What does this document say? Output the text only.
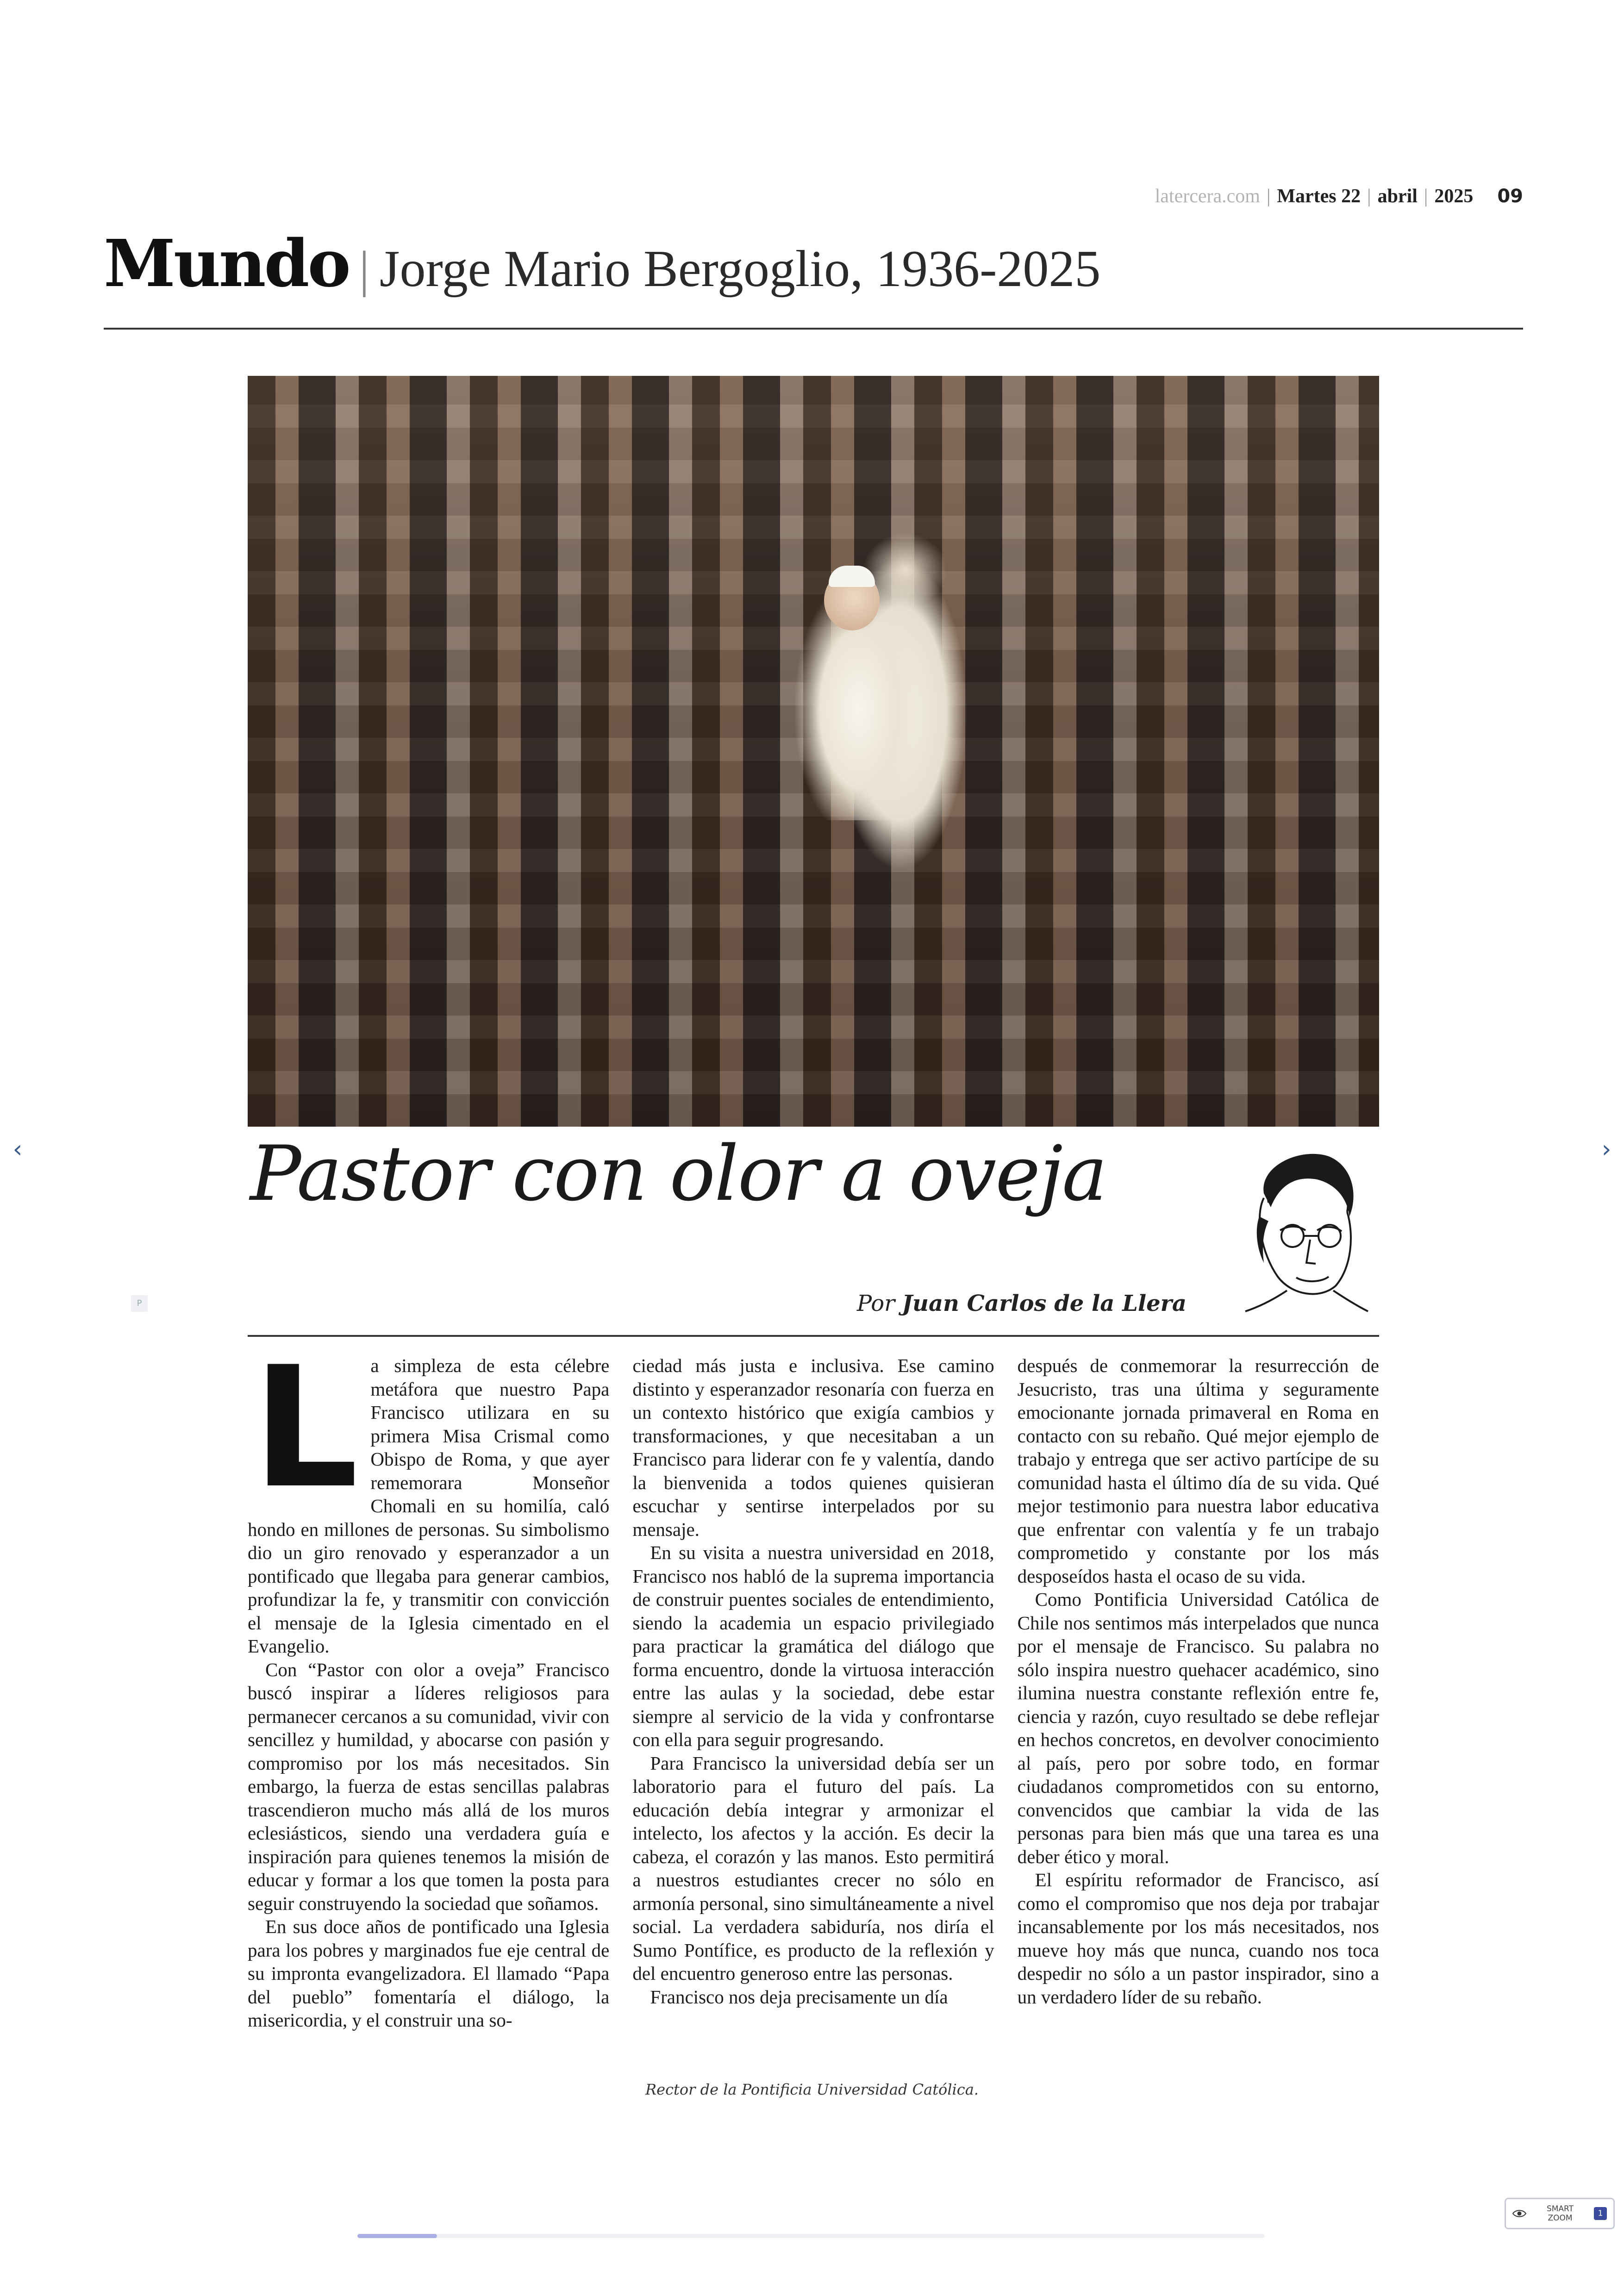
latercera.com | Martes 22 | abril | 2025 09
Mundo | Jorge Mario Bergoglio, 1936-2025
Pastor con olor a oveja
P	Por Juan Carlos de la Llera

La simpleza de esta célebre metáfora que nuestro Papa Francisco utilizara en su primera Misa Crismal como Obispo de Roma, y que ayer rememorara Monseñor Chomali en su homilía, caló hondo en millones de personas. Su simbolismo dio un giro renovado y esperanzador a un pontificado que llegaba para generar cambios, profundizar la fe, y transmitir con convicción el mensaje de la Iglesia cimentado en el Evangelio.

Con “Pastor con olor a oveja” Francisco buscó inspirar a líderes religiosos para permanecer cercanos a su comunidad, vivir con sencillez y humildad, y abocarse con pasión y compromiso por los más necesitados. Sin embargo, la fuerza de estas sencillas palabras trascendieron mucho más allá de los muros eclesiásticos, siendo una verdadera guía e inspiración para quienes tenemos la misión de educar y formar a los que tomen la posta para seguir construyendo la sociedad que soñamos.

En sus doce años de pontificado una Iglesia para los pobres y marginados fue eje central de su impronta evangelizadora. El llamado “Papa del pueblo” fomentaría el diálogo, la misericordia, y el construir una so-

ciedad más justa e inclusiva. Ese camino distinto y esperanzador resonaría con fuerza en un contexto histórico que exigía cambios y transformaciones, y que necesitaban a un Francisco para liderar con fe y valentía, dando la bienvenida a todos quienes quisieran escuchar y sentirse interpelados por su mensaje.

En su visita a nuestra universidad en 2018, Francisco nos habló de la suprema importancia de construir puentes sociales de entendimiento, siendo la academia un espacio privilegiado para practicar la gramática del diálogo que forma encuentro, donde la virtuosa interacción entre las aulas y la sociedad, debe estar siempre al servicio de la vida y confrontarse con ella para seguir progresando.

Para Francisco la universidad debía ser un laboratorio para el futuro del país. La educación debía integrar y armonizar el intelecto, los afectos y la acción. Es decir la cabeza, el corazón y las manos. Esto permitirá a nuestros estudiantes crecer no sólo en armonía personal, sino simultáneamente a nivel social. La verdadera sabiduría, nos diría el Sumo Pontífice, es producto de la reflexión y del encuentro generoso entre las personas.

Francisco nos deja precisamente un día

después de conmemorar la resurrección de Jesucristo, tras una última y seguramente emocionante jornada primaveral en Roma en contacto con su rebaño. Qué mejor ejemplo de trabajo y entrega que ser activo partícipe de su comunidad hasta el último día de su vida. Qué mejor testimonio para nuestra labor educativa que enfrentar con valentía y fe un trabajo comprometido y constante por los más desposeídos hasta el ocaso de su vida.

Como Pontificia Universidad Católica de Chile nos sentimos más interpelados que nunca por el mensaje de Francisco. Su palabra no sólo inspira nuestro quehacer académico, sino ilumina nuestra constante reflexión entre fe, ciencia y razón, cuyo resultado se debe reflejar en hechos concretos, en devolver conocimiento al país, pero por sobre todo, en formar ciudadanos comprometidos con su entorno, convencidos que cambiar la vida de las personas para bien más que una tarea es una deber ético y moral.

El espíritu reformador de Francisco, así como el compromiso que nos deja por trabajar incansablemente por los más necesitados, nos mueve hoy más que nunca, cuando nos toca despedir no sólo a un pastor inspirador, sino a un verdadero líder de su rebaño.

Rector de la Pontificia Universidad Católica.
‹	›
SMART
ZOOM	1
